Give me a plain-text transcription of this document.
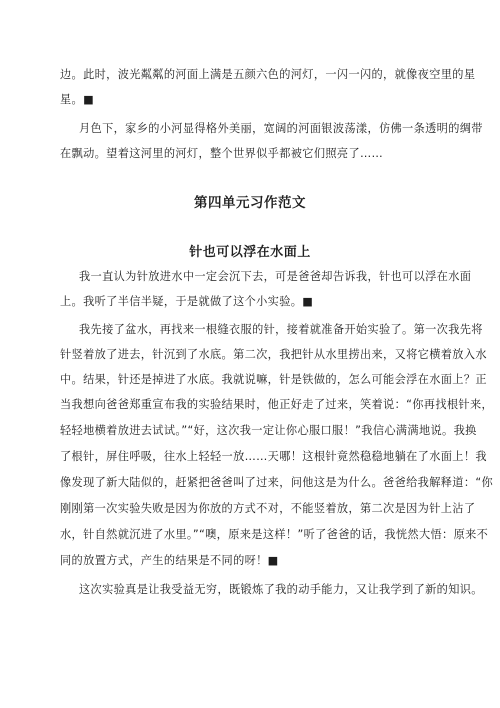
边。此时，波光粼粼的河面上满是五颜六色的河灯，一闪一闪的，就像夜空里的星
星。■
月色下，家乡的小河显得格外美丽，宽阔的河面银波荡漾，仿佛一条透明的绸带
在飘动。望着这河里的河灯，整个世界似乎都被它们照亮了……
第四单元习作范文
针也可以浮在水面上
我一直认为针放进水中一定会沉下去，可是爸爸却告诉我，针也可以浮在水面
上。我听了半信半疑，于是就做了这个小实验。■
我先接了盆水，再找来一根缝衣服的针，接着就准备开始实验了。第一次我先将
针竖着放了进去，针沉到了水底。第二次，我把针从水里捞出来，又将它横着放入水
中。结果，针还是掉进了水底。我就说嘛，针是铁做的，怎么可能会浮在水面上？正
当我想向爸爸郑重宣布我的实验结果时，他正好走了过来，笑着说：“你再找根针来，
轻轻地横着放进去试试。”“好，这次我一定让你心服口服！”我信心满满地说。我换
了根针，屏住呼吸，往水上轻轻一放……天哪！这根针竟然稳稳地躺在了水面上！我
像发现了新大陆似的，赶紧把爸爸叫了过来，问他这是为什么。爸爸给我解释道：“你
刚刚第一次实验失败是因为你放的方式不对，不能竖着放，第二次是因为针上沾了
水，针自然就沉进了水里。”“噢，原来是这样！”听了爸爸的话，我恍然大悟：原来不
同的放置方式，产生的结果是不同的呀！■
这次实验真是让我受益无穷，既锻炼了我的动手能力，又让我学到了新的知识。
